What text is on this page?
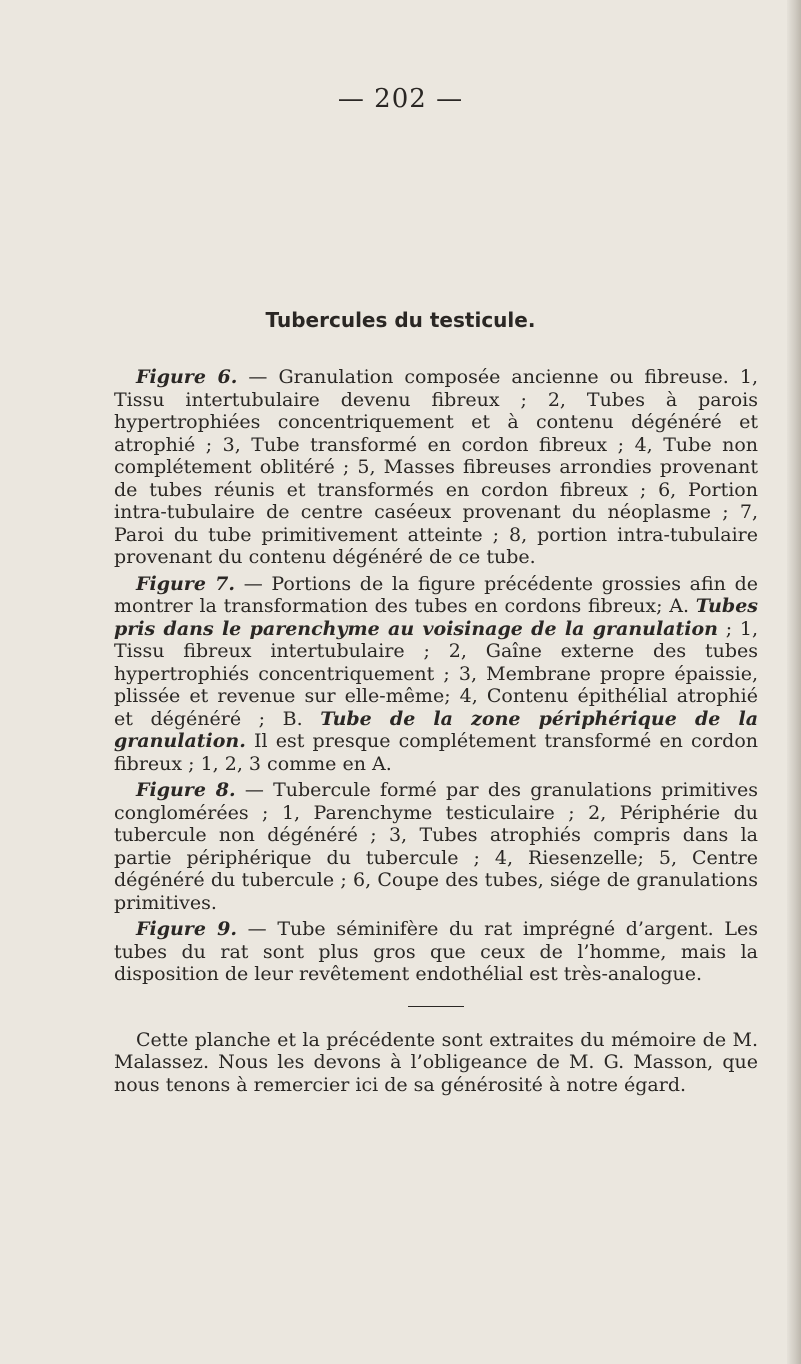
— 202 —
Tubercules du testicule.

Figure 6. — Granulation composée ancienne ou fibreuse. 1, Tissu intertubulaire devenu fibreux ; 2, Tubes à parois hypertrophiées concentriquement et à contenu dégénéré et atrophié ; 3, Tube transformé en cordon fibreux ; 4, Tube non complétement oblitéré ; 5, Masses fibreuses arrondies provenant de tubes réunis et transformés en cordon fibreux ; 6, Portion intra-tubulaire de centre caséeux provenant du néoplasme ; 7, Paroi du tube primitivement atteinte ; 8, portion intra-tubulaire provenant du contenu dégénéré de ce tube.

Figure 7. — Portions de la figure précédente grossies afin de montrer la transformation des tubes en cordons fibreux; A. Tubes pris dans le parenchyme au voisinage de la granulation ; 1, Tissu fibreux intertubulaire ; 2, Gaîne externe des tubes hypertrophiés concentriquement ; 3, Membrane propre épaissie, plissée et revenue sur elle-même; 4, Contenu épithélial atrophié et dégénéré ; B. Tube de la zone périphérique de la granulation. Il est presque complétement transformé en cordon fibreux ; 1, 2, 3 comme en A.

Figure 8. — Tubercule formé par des granulations primitives conglomérées ; 1, Parenchyme testiculaire ; 2, Périphérie du tubercule non dégénéré ; 3, Tubes atrophiés compris dans la partie périphérique du tubercule ; 4, Riesenzelle; 5, Centre dégénéré du tubercule ; 6, Coupe des tubes, siége de granulations primitives.

Figure 9. — Tube séminifère du rat imprégné d’argent. Les tubes du rat sont plus gros que ceux de l’homme, mais la disposition de leur revêtement endothélial est très-analogue.

Cette planche et la précédente sont extraites du mémoire de M. Malassez. Nous les devons à l’obligeance de M. G. Masson, que nous tenons à remercier ici de sa générosité à notre égard.
